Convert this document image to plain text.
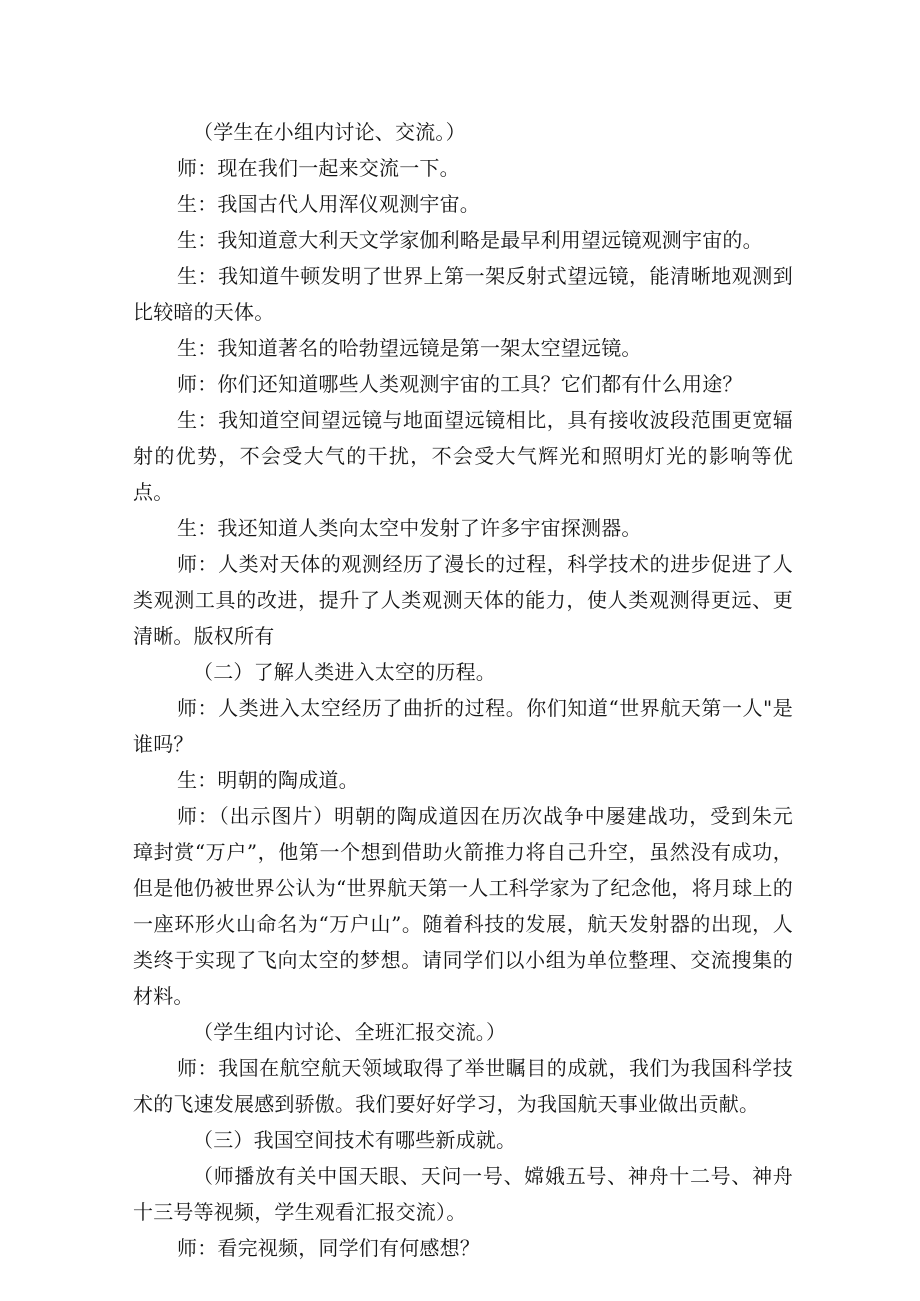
（学生在小组内讨论、交流。）

师：现在我们一起来交流一下。

生：我国古代人用浑仪观测宇宙。

生：我知道意大利天文学家伽利略是最早利用望远镜观测宇宙的。

生：我知道牛顿发明了世界上第一架反射式望远镜，能清晰地观测到比较暗的天体。

生：我知道著名的哈勃望远镜是第一架太空望远镜。

师：你们还知道哪些人类观测宇宙的工具？它们都有什么用途？

生：我知道空间望远镜与地面望远镜相比，具有接收波段范围更宽辐射的优势，不会受大气的干扰，不会受大气辉光和照明灯光的影响等优点。

生：我还知道人类向太空中发射了许多宇宙探测器。

师：人类对天体的观测经历了漫长的过程，科学技术的进步促进了人类观测工具的改进，提升了人类观测天体的能力，使人类观测得更远、更清晰。版权所有

（二）了解人类进入太空的历程。

师：人类进入太空经历了曲折的过程。你们知道“世界航天第一人"是谁吗？

生：明朝的陶成道。

师：（出示图片）明朝的陶成道因在历次战争中屡建战功，受到朱元璋封赏“万户”，他第一个想到借助火箭推力将自己升空，虽然没有成功，但是他仍被世界公认为“世界航天第一人工科学家为了纪念他，将月球上的一座环形火山命名为“万户山”。随着科技的发展，航天发射器的出现，人类终于实现了飞向太空的梦想。请同学们以小组为单位整理、交流搜集的材料。

（学生组内讨论、全班汇报交流。）

师：我国在航空航天领域取得了举世瞩目的成就，我们为我国科学技术的飞速发展感到骄傲。我们要好好学习，为我国航天事业做出贡献。

（三）我国空间技术有哪些新成就。

（师播放有关中国天眼、天问一号、嫦娥五号、神舟十二号、神舟十三号等视频，学生观看汇报交流）。

师：看完视频，同学们有何感想？
